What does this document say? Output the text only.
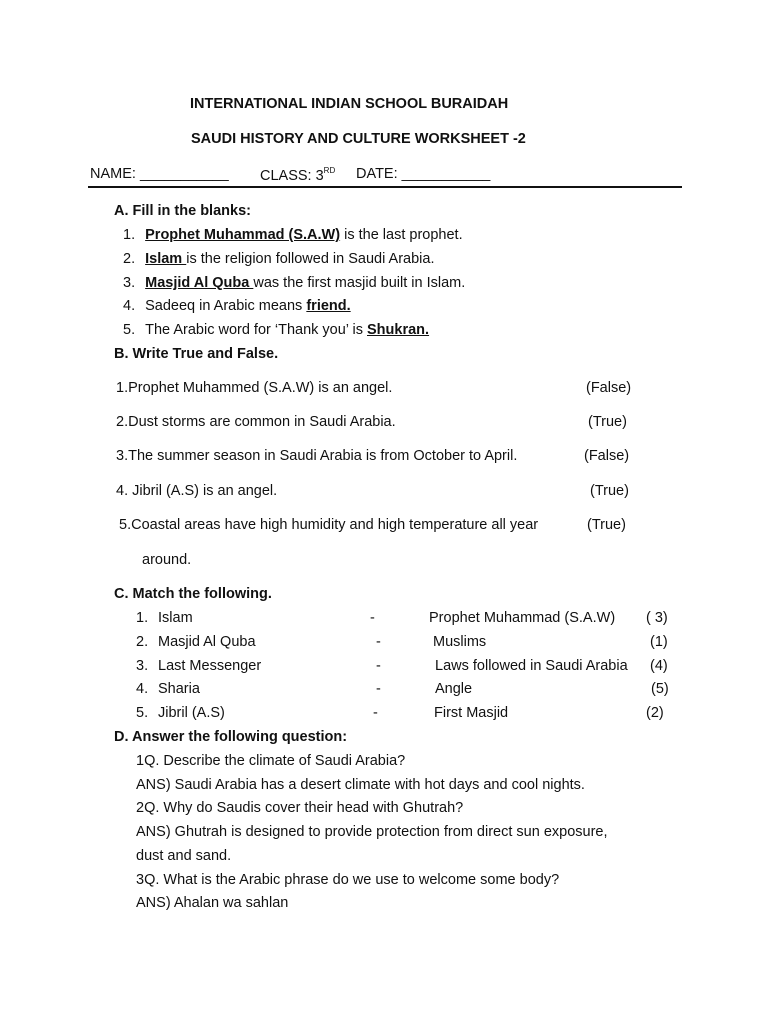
INTERNATIONAL INDIAN SCHOOL BURAIDAH
SAUDI HISTORY AND CULTURE WORKSHEET -2
NAME: ___________ CLASS: 3RD DATE: ___________
A. Fill in the blanks:
1. Prophet Muhammad (S.A.W) is the last prophet.
2. Islam is the religion followed in Saudi Arabia.
3. Masjid Al Quba was the first masjid built in Islam.
4. Sadeeq in Arabic means friend.
5. The Arabic word for ‘Thank you’ is Shukran.
B. Write True and False.
1.Prophet Muhammed (S.A.W) is an angel.	(False)
2.Dust storms are common in Saudi Arabia.	(True)
3.The summer season in Saudi Arabia is from October to April.	(False)
4. Jibril (A.S) is an angel.	(True)
5.Coastal areas have high humidity and high temperature all year	(True)
around.
C. Match the following.
1. Islam	-	Prophet Muhammad (S.A.W) ( 3)
2. Masjid Al Quba	-	Muslims	(1)
3. Last Messenger	-	Laws followed in Saudi Arabia (4)
4. Sharia	-	Angle	(5)
5. Jibril (A.S)	-	First Masjid	(2)
D. Answer the following question:
1Q. Describe the climate of Saudi Arabia?
ANS) Saudi Arabia has a desert climate with hot days and cool nights.
2Q. Why do Saudis cover their head with Ghutrah?
ANS) Ghutrah is designed to provide protection from direct sun exposure,
dust and sand.
3Q. What is the Arabic phrase do we use to welcome some body?
ANS) Ahalan wa sahlan
